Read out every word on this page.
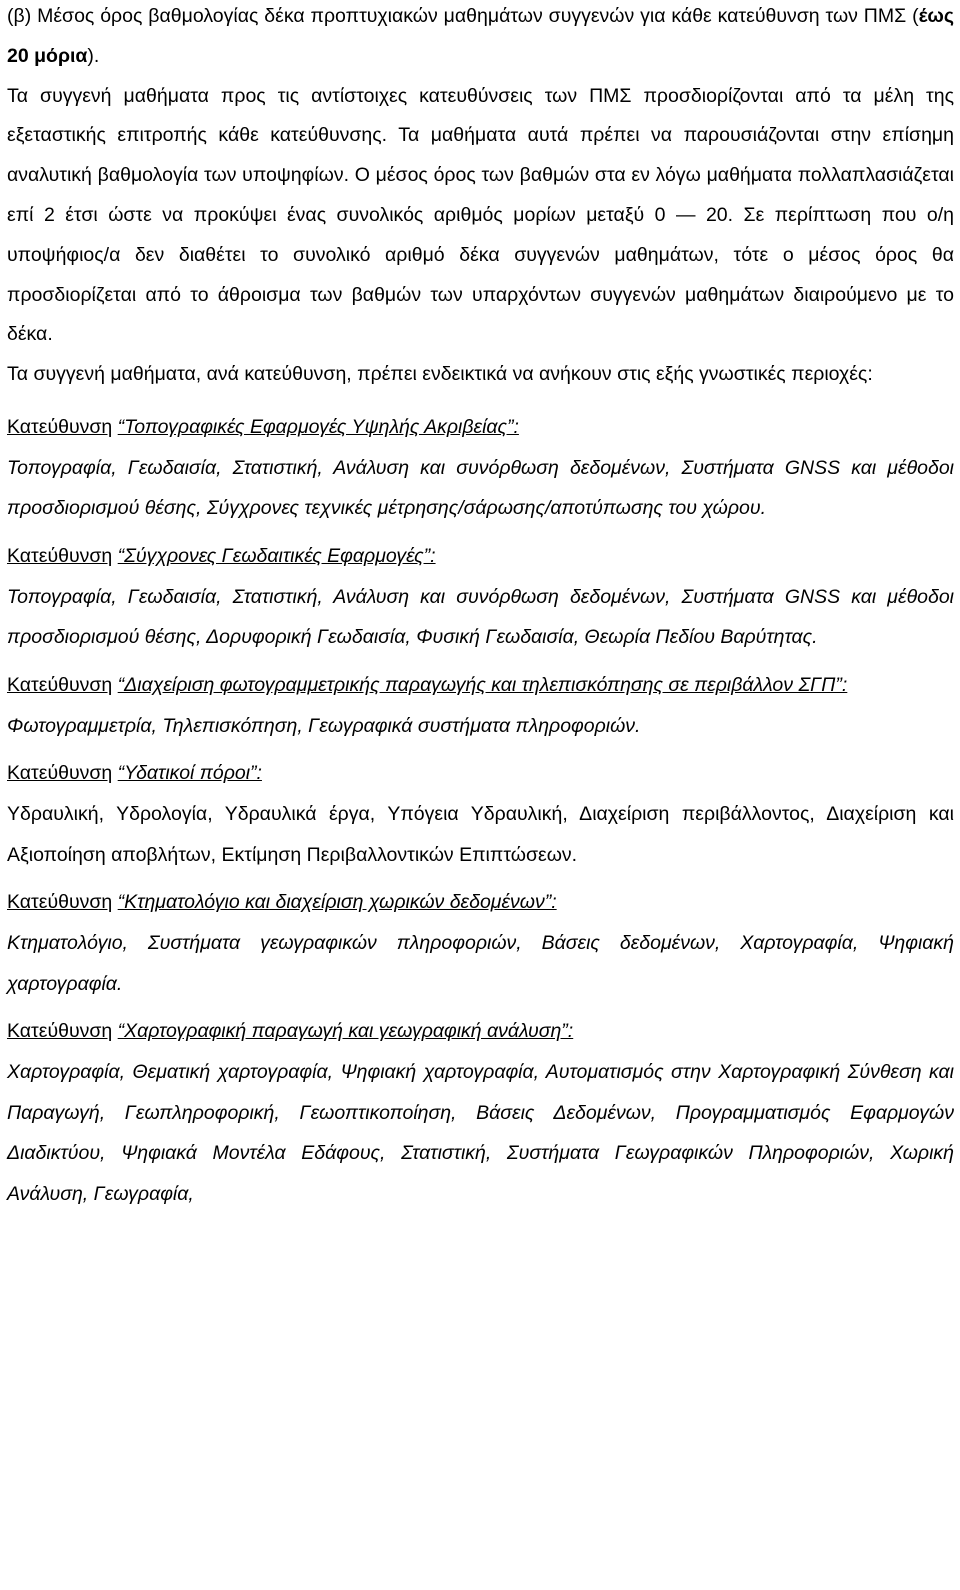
(β) Μέσος όρος βαθμολογίας δέκα προπτυχιακών μαθημάτων συγγενών για κάθε κατεύθυνση των ΠΜΣ (έως 20 μόρια).

Τα συγγενή μαθήματα προς τις αντίστοιχες κατευθύνσεις των ΠΜΣ προσδιορίζονται από τα μέλη της εξεταστικής επιτροπής κάθε κατεύθυνσης. Τα μαθήματα αυτά πρέπει να παρουσιάζονται στην επίσημη αναλυτική βαθμολογία των υποψηφίων. Ο μέσος όρος των βαθμών στα εν λόγω μαθήματα πολλαπλασιάζεται επί 2 έτσι ώστε να προκύψει ένας συνολικός αριθμός μορίων μεταξύ 0 ― 20. Σε περίπτωση που ο/η υποψήφιος/α δεν διαθέτει το συνολικό αριθμό δέκα συγγενών μαθημάτων, τότε ο μέσος όρος θα προσδιορίζεται από το άθροισμα των βαθμών των υπαρχόντων συγγενών μαθημάτων διαιρούμενο με το δέκα.

Τα συγγενή μαθήματα, ανά κατεύθυνση, πρέπει ενδεικτικά να ανήκουν στις εξής γνωστικές περιοχές:

Κατεύθυνση “Τοπογραφικές Εφαρμογές Υψηλής Ακριβείας”:

Τοπογραφία, Γεωδαισία, Στατιστική, Ανάλυση και συνόρθωση δεδομένων, Συστήματα GNSS και μέθοδοι προσδιορισμού θέσης, Σύγχρονες τεχνικές μέτρησης/σάρωσης/αποτύπωσης του χώρου.

Κατεύθυνση “Σύγχρονες Γεωδαιτικές Εφαρμογές”:

Τοπογραφία, Γεωδαισία, Στατιστική, Ανάλυση και συνόρθωση δεδομένων, Συστήματα GNSS και μέθοδοι προσδιορισμού θέσης, Δορυφορική Γεωδαισία, Φυσική Γεωδαισία, Θεωρία Πεδίου Βαρύτητας.

Κατεύθυνση “Διαχείριση φωτογραμμετρικής παραγωγής και τηλεπισκόπησης σε περιβάλλον ΣΓΠ”:

Φωτογραμμετρία, Τηλεπισκόπηση, Γεωγραφικά συστήματα πληροφοριών.

Κατεύθυνση “Υδατικοί πόροι”:

Υδραυλική, Υδρολογία, Υδραυλικά έργα, Υπόγεια Υδραυλική, Διαχείριση περιβάλλοντος, Διαχείριση και Αξιοποίηση αποβλήτων, Εκτίμηση Περιβαλλοντικών Επιπτώσεων.

Κατεύθυνση “Κτηματολόγιο και διαχείριση χωρικών δεδομένων”:

Κτηματολόγιο, Συστήματα γεωγραφικών πληροφοριών, Βάσεις δεδομένων, Χαρτογραφία, Ψηφιακή χαρτογραφία.

Κατεύθυνση “Χαρτογραφική παραγωγή και γεωγραφική ανάλυση”:

Χαρτογραφία, Θεματική χαρτογραφία, Ψηφιακή χαρτογραφία, Αυτοματισμός στην Χαρτογραφική Σύνθεση και Παραγωγή, Γεωπληροφορική, Γεωοπτικοποίηση, Βάσεις Δεδομένων, Προγραμματισμός Εφαρμογών Διαδικτύου, Ψηφιακά Μοντέλα Εδάφους, Στατιστική, Συστήματα Γεωγραφικών Πληροφοριών, Χωρική Ανάλυση, Γεωγραφία,
